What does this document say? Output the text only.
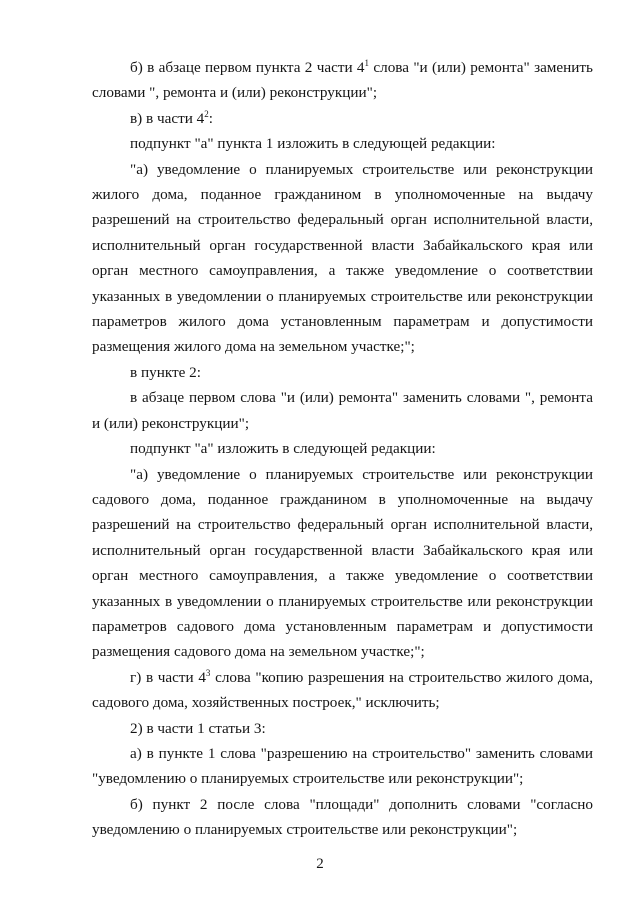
б) в абзаце первом пункта 2 части $4^1$ слова "и (или) ремонта" заменить словами ", ремонта и (или) реконструкции";

в) в части $4^2$:

подпункт "а" пункта 1 изложить в следующей редакции:

"а) уведомление о планируемых строительстве или реконструкции жилого дома, поданное гражданином в уполномоченные на выдачу разрешений на строительство федеральный орган исполнительной власти, исполнительный орган государственной власти Забайкальского края или орган местного самоуправления, а также уведомление о соответствии указанных в уведомлении о планируемых строительстве или реконструкции параметров жилого дома установленным параметрам и допустимости размещения жилого дома на земельном участке;";

в пункте 2:

в абзаце первом слова "и (или) ремонта" заменить словами ", ремонта и (или) реконструкции";

подпункт "а" изложить в следующей редакции:

"а) уведомление о планируемых строительстве или реконструкции садового дома, поданное гражданином в уполномоченные на выдачу разрешений на строительство федеральный орган исполнительной власти, исполнительный орган государственной власти Забайкальского края или орган местного самоуправления, а также уведомление о соответствии указанных в уведомлении о планируемых строительстве или реконструкции параметров садового дома установленным параметрам и допустимости размещения садового дома на земельном участке;";

г) в части $4^3$ слова "копию разрешения на строительство жилого дома, садового дома, хозяйственных построек," исключить;

2) в части 1 статьи 3:

а) в пункте 1 слова "разрешению на строительство" заменить словами "уведомлению о планируемых строительстве или реконструкции";

б) пункт 2 после слова "площади" дополнить словами "согласно уведомлению о планируемых строительстве или реконструкции";

2
